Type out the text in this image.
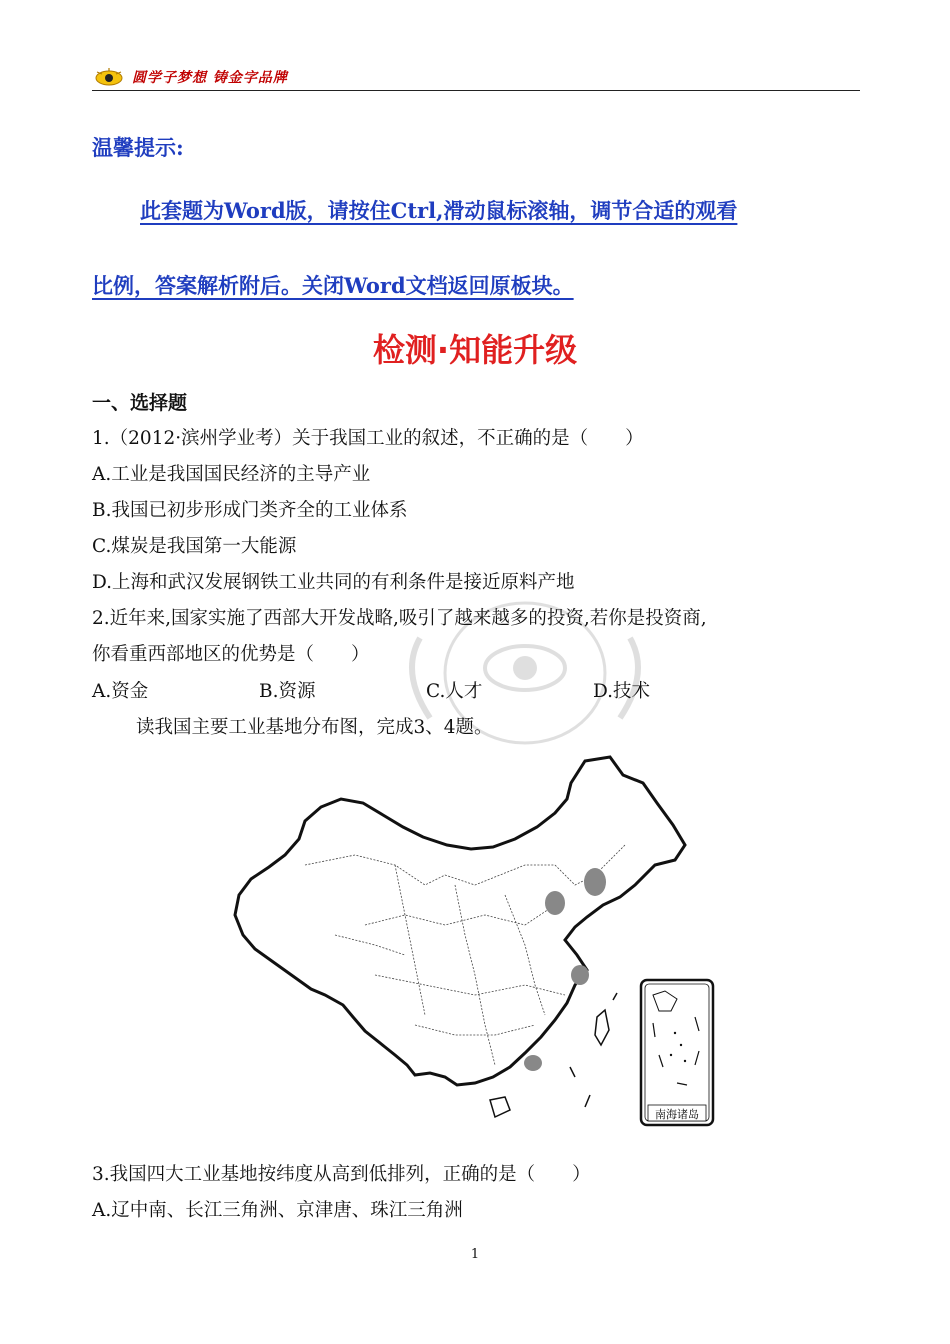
圆学子梦想 铸金字品牌
温馨提示:
此套题为Word版，请按住Ctrl,滑动鼠标滚轴，调节合适的观看
比例，答案解析附后。关闭Word文档返回原板块。
检测·知能升级
一、选择题
1.（2012·滨州学业考）关于我国工业的叙述，不正确的是（　　）
A.工业是我国国民经济的主导产业
B.我国已初步形成门类齐全的工业体系
C.煤炭是我国第一大能源
D.上海和武汉发展钢铁工业共同的有利条件是接近原料产地
2.近年来,国家实施了西部大开发战略,吸引了越来越多的投资,若你是投资商,
你看重西部地区的优势是（　　）
A.资金	B.资源	C.人才	D.技术
读我国主要工业基地分布图，完成3、4题。
南海诸岛
3.我国四大工业基地按纬度从高到低排列，正确的是（　　）
A.辽中南、长江三角洲、京津唐、珠江三角洲
1
